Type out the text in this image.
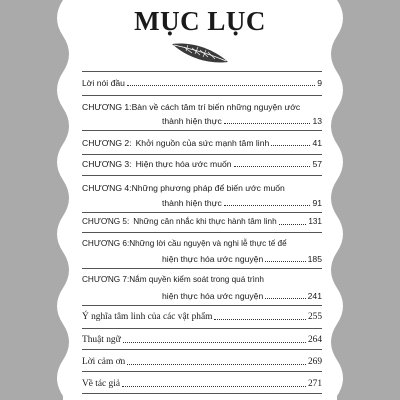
MỤC LỤC
Lời nói đầu	9
CHƯƠNG 1: Bàn về cách tâm trí biến những nguyện ước
thành hiện thực	13
CHƯƠNG 2: Khởi nguồn của sức mạnh tâm linh	41
CHƯƠNG 3: Hiện thực hóa ước muốn	57
CHƯƠNG 4: Những phương pháp để biến ước muốn
thành hiện thực	91
CHƯƠNG 5: Những cân nhắc khi thực hành tâm linh	131
CHƯƠNG 6: Những lời cầu nguyện và nghi lễ thực tế để
hiện thực hóa ước nguyện	185
CHƯƠNG 7: Nắm quyền kiểm soát trong quá trình
hiện thực hóa ước nguyện	241
Ý nghĩa tâm linh của các vật phẩm	255
Thuật ngữ	264
Lời cảm ơn	269
Về tác giả	271
